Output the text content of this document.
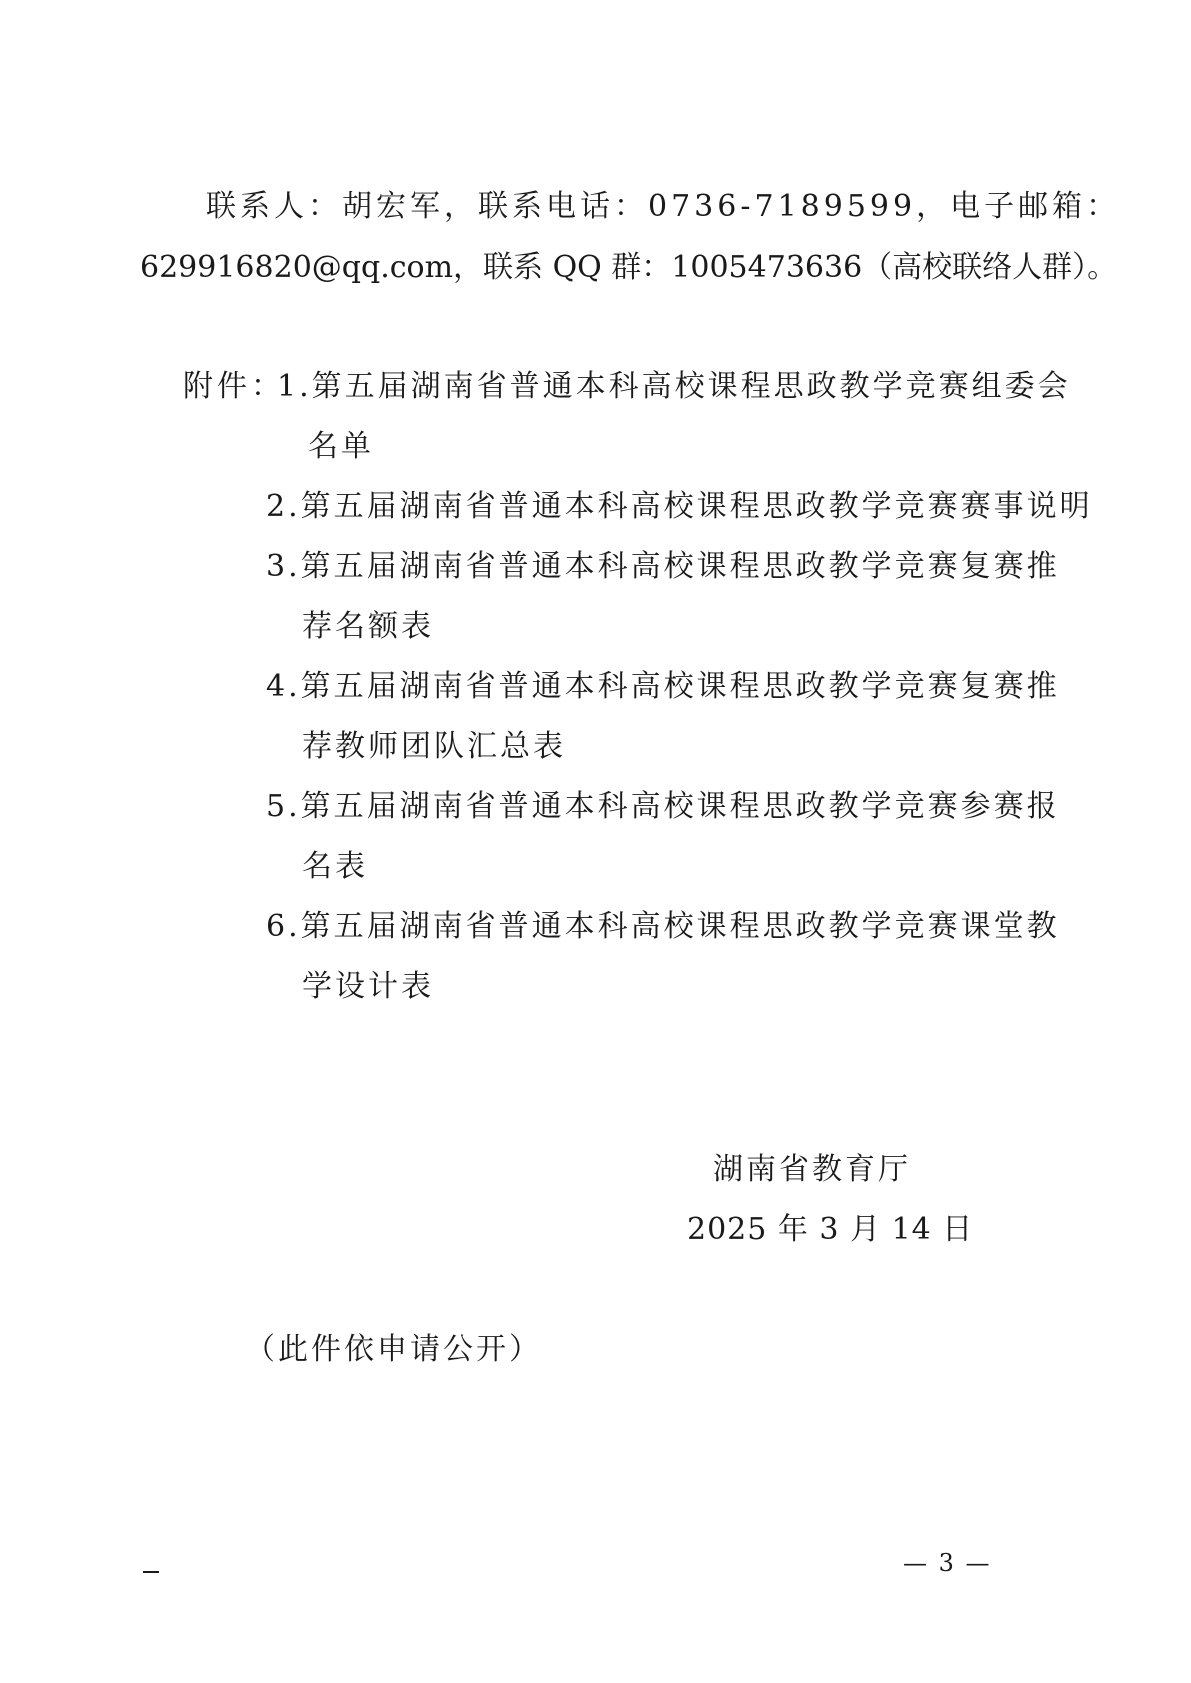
联系人：胡宏军，联系电话：0736-7189599，电子邮箱：
629916820@qq.com，联系 QQ 群：1005473636（高校联络人群）。
附件：
1.第五届湖南省普通本科高校课程思政教学竞赛组委会
名单
2.第五届湖南省普通本科高校课程思政教学竞赛赛事说明
3.第五届湖南省普通本科高校课程思政教学竞赛复赛推
荐名额表
4.第五届湖南省普通本科高校课程思政教学竞赛复赛推
荐教师团队汇总表
5.第五届湖南省普通本科高校课程思政教学竞赛参赛报
名表
6.第五届湖南省普通本科高校课程思政教学竞赛课堂教
学设计表
湖南省教育厅
2025 年 3 月 14 日
（此件依申请公开）
— 3 —
